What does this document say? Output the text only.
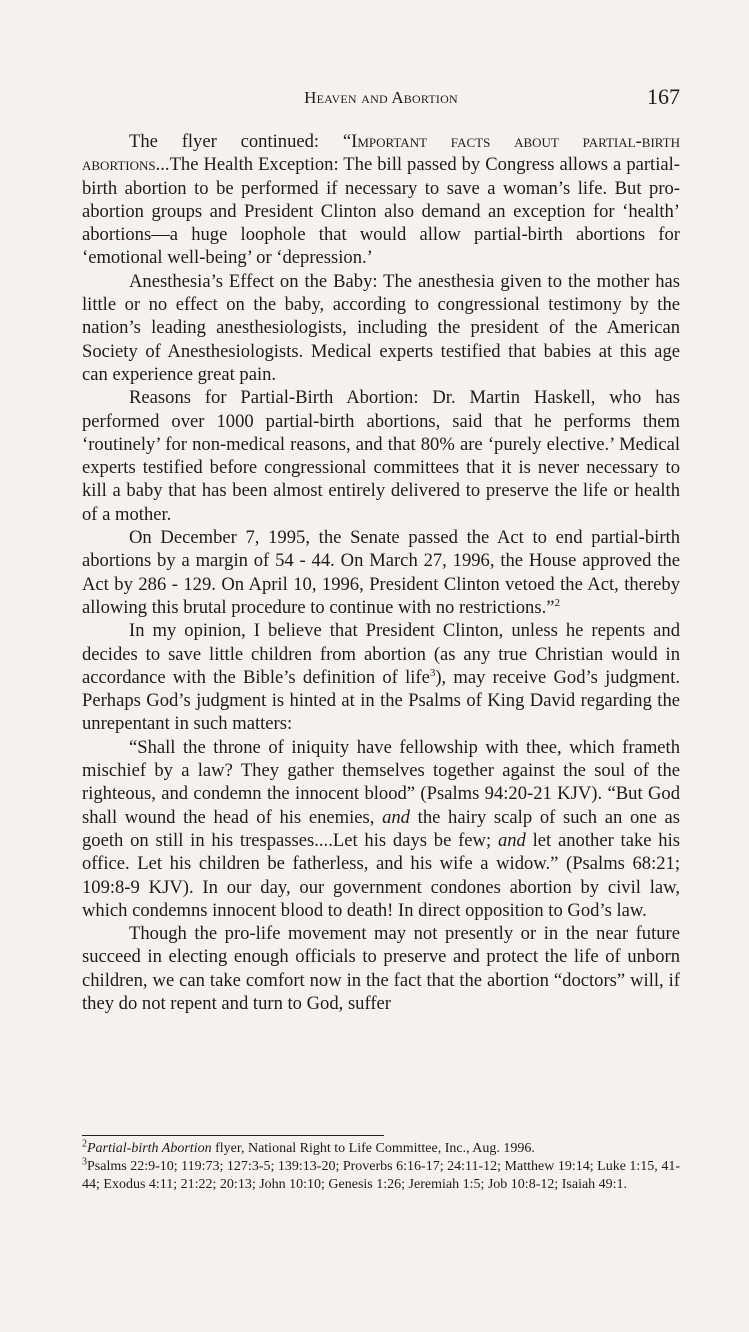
Heaven and Abortion	167

The flyer continued: “Important facts about partial-birth abortions...The Health Exception: The bill passed by Congress allows a partial-birth abortion to be performed if necessary to save a woman’s life. But pro-abortion groups and President Clinton also demand an exception for ‘health’ abortions—a huge loophole that would allow partial-birth abortions for ‘emotional well-being’ or ‘depression.’

Anesthesia’s Effect on the Baby: The anesthesia given to the mother has little or no effect on the baby, according to congressional testimony by the nation’s leading anesthesiologists, including the president of the American Society of Anesthesiologists. Medical experts testified that babies at this age can experience great pain.

Reasons for Partial-Birth Abortion: Dr. Martin Haskell, who has performed over 1000 partial-birth abortions, said that he performs them ‘routinely’ for non-medical reasons, and that 80% are ‘purely elective.’ Medical experts testified before congressional committees that it is never necessary to kill a baby that has been almost entirely delivered to preserve the life or health of a mother.

On December 7, 1995, the Senate passed the Act to end partial-birth abortions by a margin of 54 - 44. On March 27, 1996, the House approved the Act by 286 - 129. On April 10, 1996, President Clinton vetoed the Act, thereby allowing this brutal procedure to continue with no restrictions.”$^2$

In my opinion, I believe that President Clinton, unless he repents and decides to save little children from abortion (as any true Christian would in accordance with the Bible’s definition of life$^3$), may receive God’s judgment. Perhaps God’s judgment is hinted at in the Psalms of King David regarding the unrepentant in such matters:

“Shall the throne of iniquity have fellowship with thee, which frameth mischief by a law? They gather themselves together against the soul of the righteous, and condemn the innocent blood” (Psalms 94:20-21 KJV). “But God shall wound the head of his enemies, and the hairy scalp of such an one as goeth on still in his trespasses....Let his days be few; and let another take his office. Let his children be fatherless, and his wife a widow.” (Psalms 68:21; 109:8-9 KJV). In our day, our government condones abortion by civil law, which condemns innocent blood to death! In direct opposition to God’s law.

Though the pro-life movement may not presently or in the near future succeed in electing enough officials to preserve and protect the life of unborn children, we can take comfort now in the fact that the abortion “doctors” will, if they do not repent and turn to God, suffer

$^2$Partial-birth Abortion flyer, National Right to Life Committee, Inc., Aug. 1996.

$^3$Psalms 22:9-10; 119:73; 127:3-5; 139:13-20; Proverbs 6:16-17; 24:11-12; Matthew 19:14; Luke 1:15, 41-44; Exodus 4:11; 21:22; 20:13; John 10:10; Genesis 1:26; Jeremiah 1:5; Job 10:8-12; Isaiah 49:1.
